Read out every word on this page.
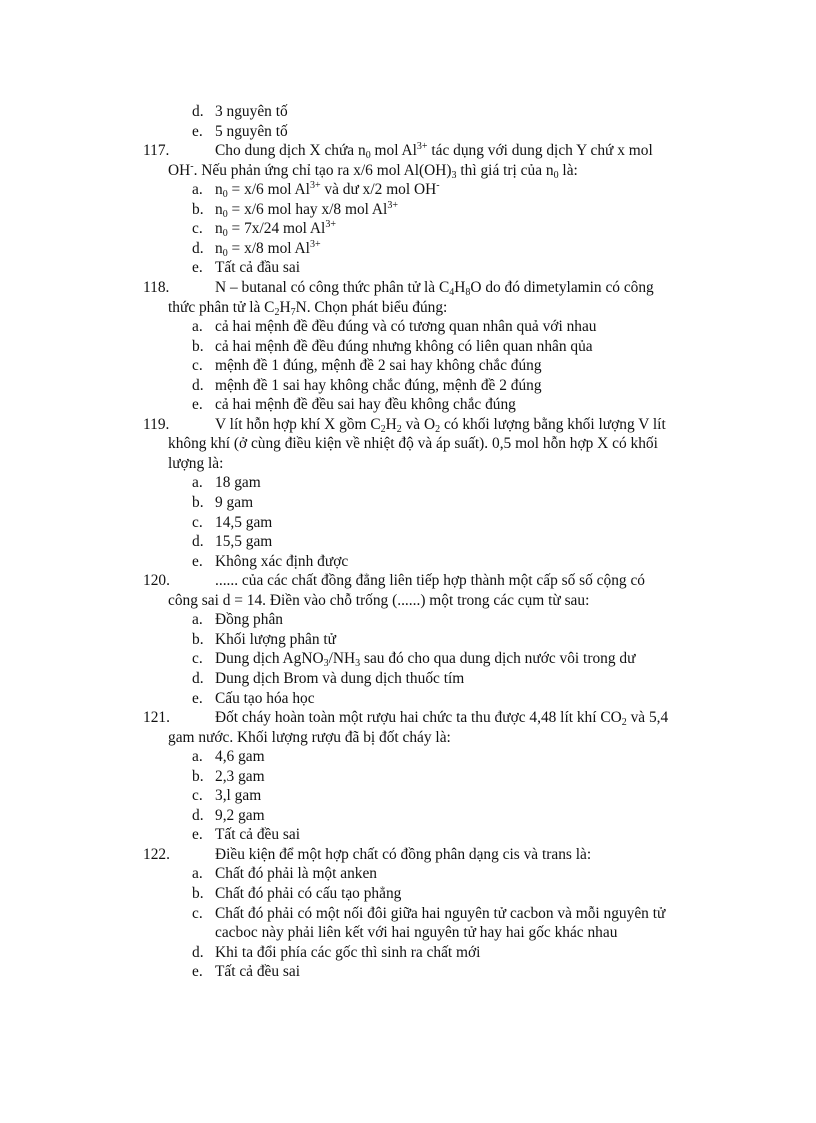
d. 3 nguyên tố
e. 5 nguyên tố
117.	Cho dung dịch X chứa $n_0$ mol $Al^{3+}$ tác dụng với dung dịch Y chứ x mol
OH-. Nếu phản ứng chỉ tạo ra x/6 mol $Al(OH)_3$ thì giá trị của $n_0$ là:
a. $n_0 = x/6$ mol $Al^{3+}$ và dư x/2 mol OH-
b. $n_0 = x/6$ mol hay x/8 mol $Al^{3+}$
c. $n_0 = 7x/24$ mol $Al^{3+}$
d. $n_0 = x/8$ mol $Al^{3+}$
e. Tất cả đầu sai
118.	N – butanal có công thức phân tử là $C_4H_8O$ do đó dimetylamin có công
thức phân tử là $C_2H_7N$. Chọn phát biểu đúng:
a. cả hai mệnh đề đều đúng và có tương quan nhân quả với nhau
b. cả hai mệnh đề đều đúng nhưng không có liên quan nhân qủa
c. mệnh đề 1 đúng, mệnh đề 2 sai hay không chắc đúng
d. mệnh đề 1 sai hay không chắc đúng, mệnh đề 2 đúng
e. cả hai mệnh đề đều sai hay đều không chắc đúng
119.	V lít hỗn hợp khí X gồm $C_2H_2$ và $O_2$ có khối lượng bằng khối lượng V lít
không khí (ở cùng điều kiện về nhiệt độ và áp suất). 0,5 mol hỗn hợp X có khối
lượng là:
a. 18 gam
b. 9 gam
c. 14,5 gam
d. 15,5 gam
e. Không xác định được
120.	...... của các chất đồng đẳng liên tiếp hợp thành một cấp số số cộng có
công sai d = 14. Điền vào chỗ trống (......) một trong các cụm từ sau:
a. Đồng phân
b. Khối lượng phân tử
c. Dung dịch $AgNO_3/NH_3$ sau đó cho qua dung dịch nước vôi trong dư
d. Dung dịch Brom và dung dịch thuốc tím
e. Cấu tạo hóa học
121.	Đốt cháy hoàn toàn một rượu hai chức ta thu được 4,48 lít khí $CO_2$ và 5,4
gam nước. Khối lượng rượu đã bị đốt cháy là:
a. 4,6 gam
b. 2,3 gam
c. 3,l gam
d. 9,2 gam
e. Tất cả đều sai
122.	Điều kiện để một hợp chất có đồng phân dạng cis và trans là:
a. Chất đó phải là một anken
b. Chất đó phải có cấu tạo phẳng
c. Chất đó phải có một nối đôi giữa hai nguyên tử cacbon và mỗi nguyên tử
cacboc này phải liên kết với hai nguyên tử hay hai gốc khác nhau
d. Khi ta đổi phía các gốc thì sinh ra chất mới
e. Tất cả đều sai
